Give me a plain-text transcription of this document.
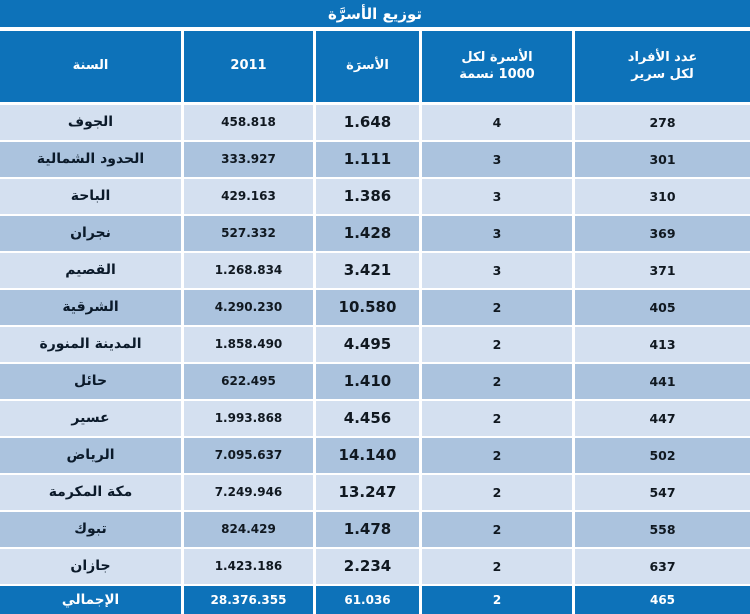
توزيع الأسرَّة
عدد الأفراد
لكل سرير
الأسرة لكل
1000 نسمة
الأسرَة
2011
السنة
278
4
1.648
458.818
الجوف
301
3
1.111
333.927
الحدود الشمالية
310
3
1.386
429.163
الباحة
369
3
1.428
527.332
نجران
371
3
3.421
1.268.834
القصيم
405
2
10.580
4.290.230
الشرقية
413
2
4.495
1.858.490
المدينة المنورة
441
2
1.410
622.495
حائل
447
2
4.456
1.993.868
عسير
502
2
14.140
7.095.637
الرياض
547
2
13.247
7.249.946
مكة المكرمة
558
2
1.478
824.429
تبوك
637
2
2.234
1.423.186
جازان
465
2
61.036
28.376.355
الإجمالي
